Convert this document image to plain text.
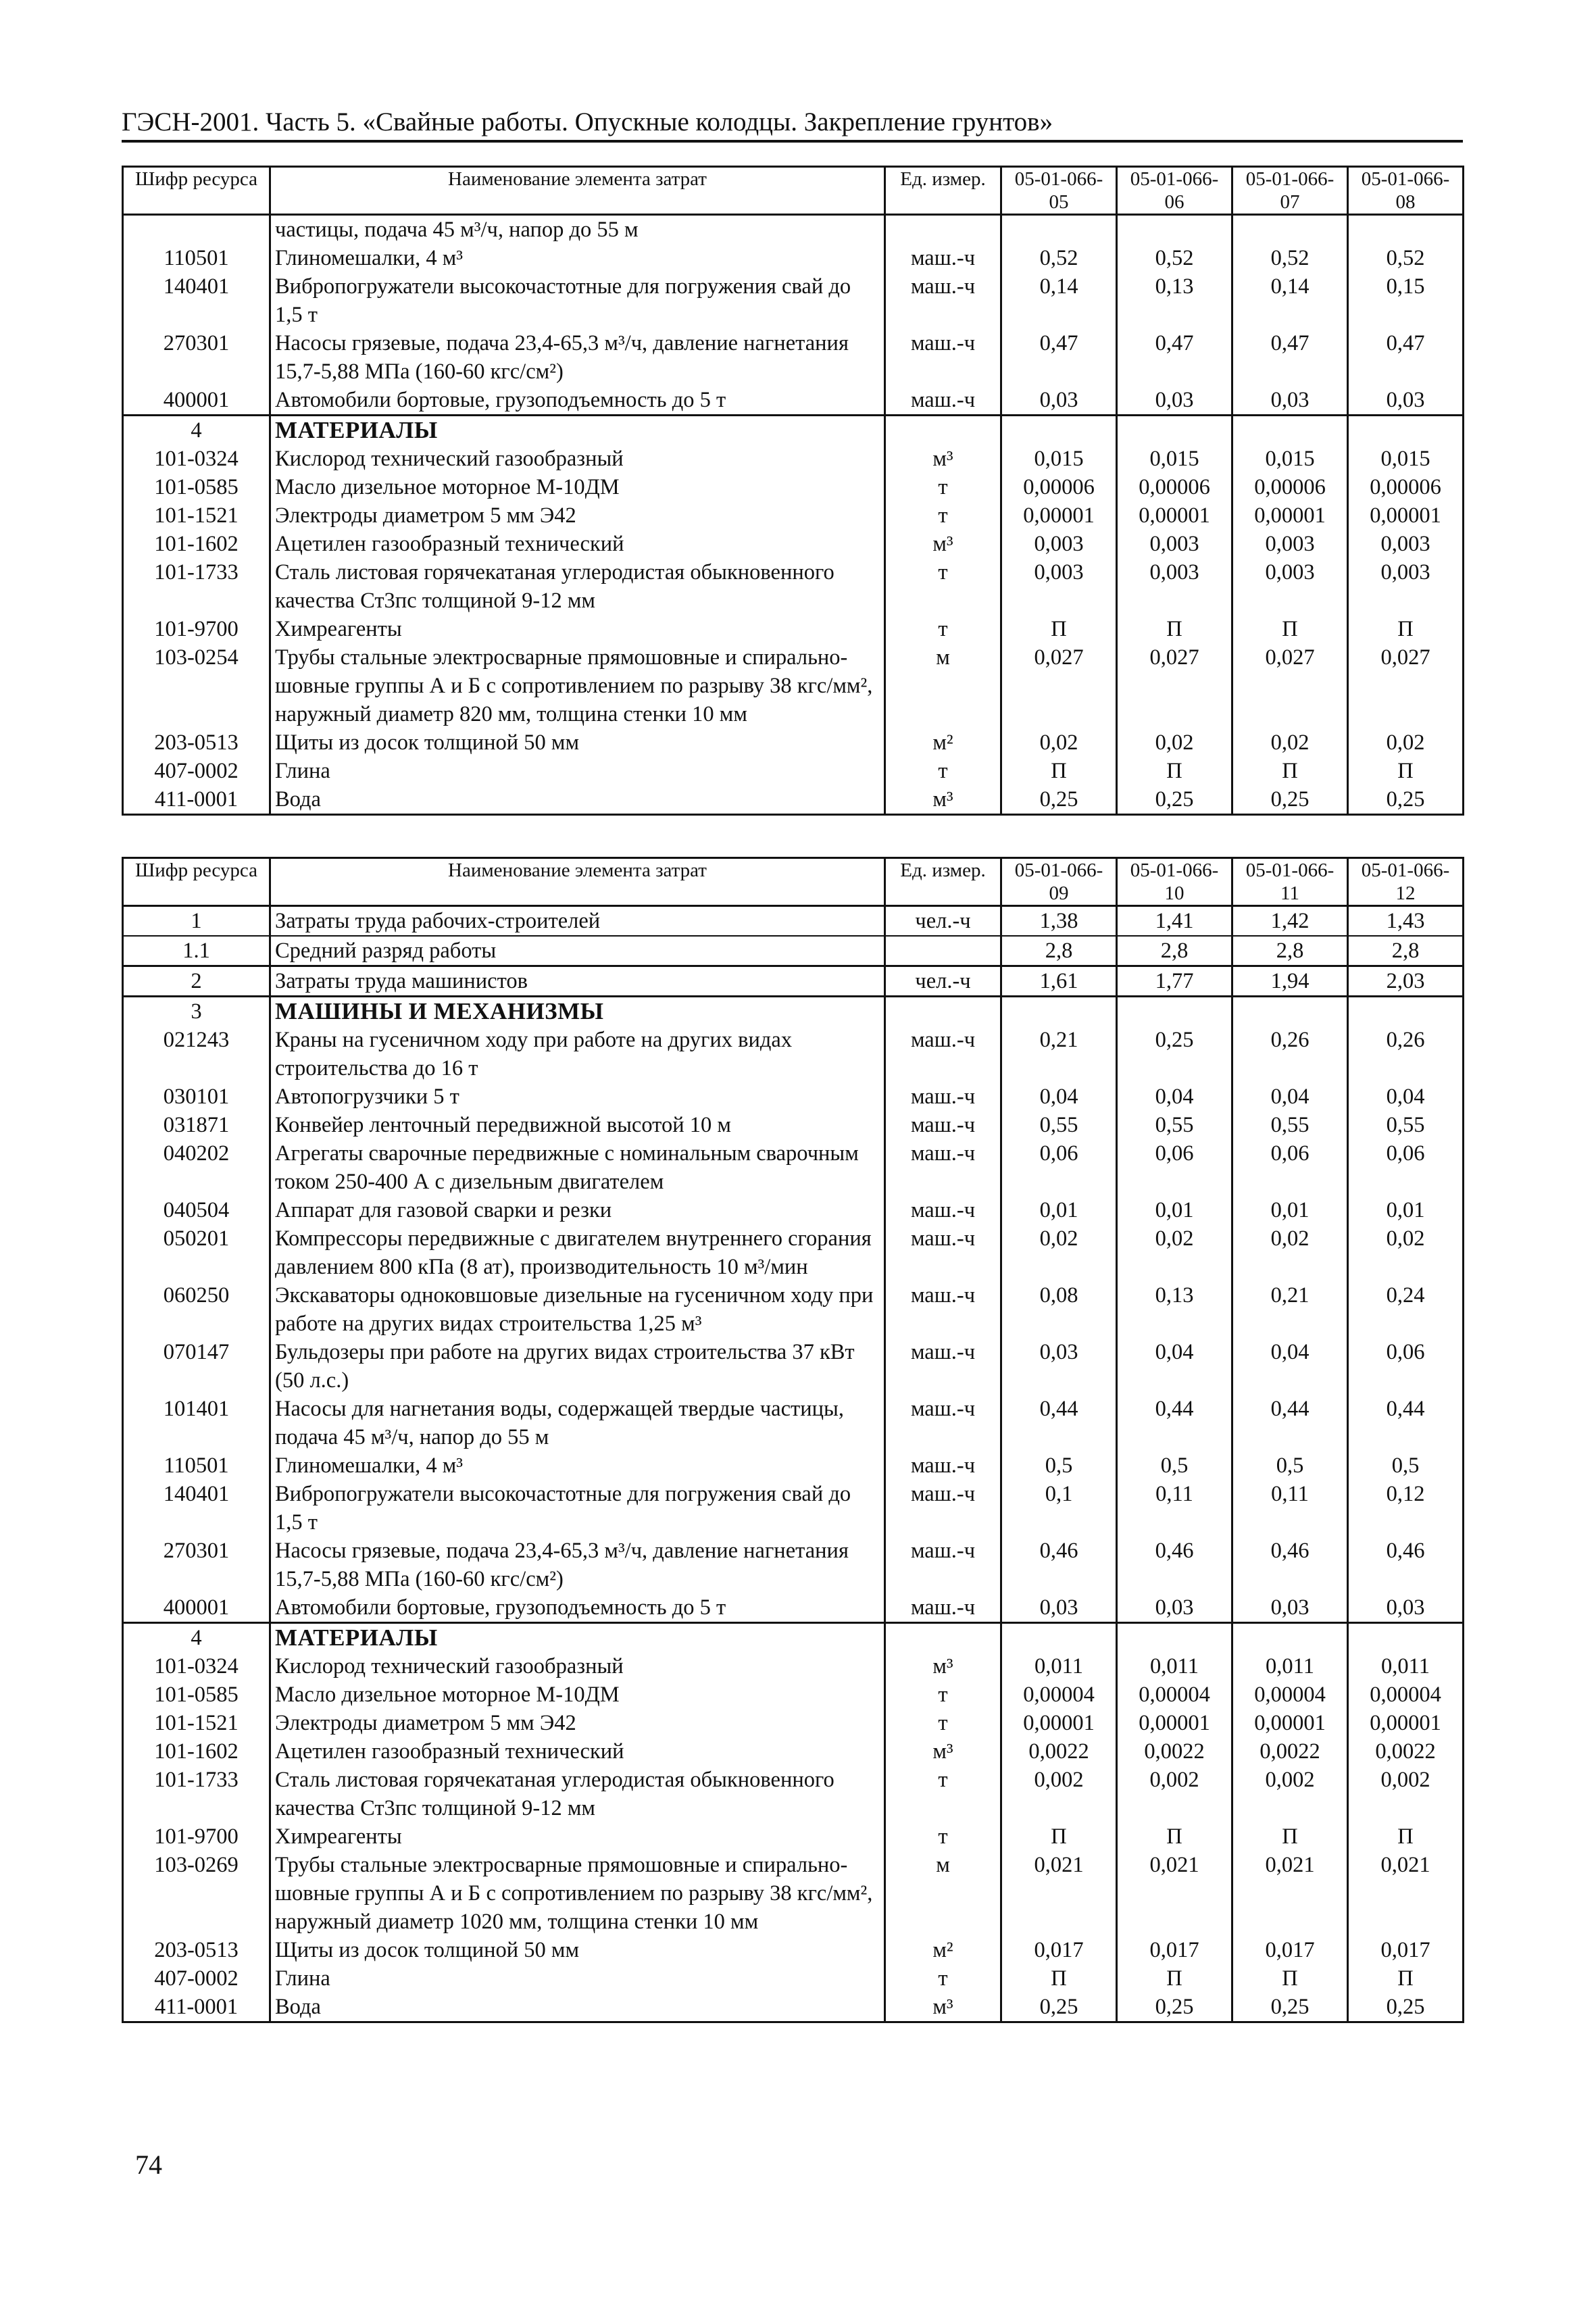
ГЭСН-2001. Часть 5. «Свайные работы. Опускные колодцы. Закрепление грунтов»
Шифр ресурса	Наименование элемента затрат	Ед. измер.	05-01-066-05	05-01-066-06	05-01-066-07	05-01-066-08
	частицы, подача 45 м³/ч, напор до 55 м					
110501	Глиномешалки, 4 м³	маш.-ч	0,52	0,52	0,52	0,52
140401	Вибропогружатели высокочастотные для погружения свай до 1,5 т	маш.-ч	0,14	0,13	0,14	0,15
270301	Насосы грязевые, подача 23,4-65,3 м³/ч, давление нагнетания 15,7-5,88 МПа (160-60 кгс/см²)	маш.-ч	0,47	0,47	0,47	0,47
400001	Автомобили бортовые, грузоподъемность до 5 т	маш.-ч	0,03	0,03	0,03	0,03
4	МАТЕРИАЛЫ					
101-0324	Кислород технический газообразный	м³	0,015	0,015	0,015	0,015
101-0585	Масло дизельное моторное М-10ДМ	т	0,00006	0,00006	0,00006	0,00006
101-1521	Электроды диаметром 5 мм Э42	т	0,00001	0,00001	0,00001	0,00001
101-1602	Ацетилен газообразный технический	м³	0,003	0,003	0,003	0,003
101-1733	Сталь листовая горячекатаная углеродистая обыкновенного качества Ст3пс толщиной 9-12 мм	т	0,003	0,003	0,003	0,003
101-9700	Химреагенты	т	П	П	П	П
103-0254	Трубы стальные электросварные прямошовные и спирально-шовные группы А и Б с сопротивлением по разрыву 38 кгс/мм², наружный диаметр 820 мм, толщина стенки 10 мм	м	0,027	0,027	0,027	0,027
203-0513	Щиты из досок толщиной 50 мм	м²	0,02	0,02	0,02	0,02
407-0002	Глина	т	П	П	П	П
411-0001	Вода	м³	0,25	0,25	0,25	0,25
Шифр ресурса	Наименование элемента затрат	Ед. измер.	05-01-066-09	05-01-066-10	05-01-066-11	05-01-066-12
1	Затраты труда рабочих-строителей	чел.-ч	1,38	1,41	1,42	1,43
1.1	Средний разряд работы		2,8	2,8	2,8	2,8
2	Затраты труда машинистов	чел.-ч	1,61	1,77	1,94	2,03
3	МАШИНЫ И МЕХАНИЗМЫ					
021243	Краны на гусеничном ходу при работе на других видах строительства до 16 т	маш.-ч	0,21	0,25	0,26	0,26
030101	Автопогрузчики 5 т	маш.-ч	0,04	0,04	0,04	0,04
031871	Конвейер ленточный передвижной высотой 10 м	маш.-ч	0,55	0,55	0,55	0,55
040202	Агрегаты сварочные передвижные с номинальным сварочным током 250-400 А с дизельным двигателем	маш.-ч	0,06	0,06	0,06	0,06
040504	Аппарат для газовой сварки и резки	маш.-ч	0,01	0,01	0,01	0,01
050201	Компрессоры передвижные с двигателем внутреннего сгорания давлением 800 кПа (8 ат), производительность 10 м³/мин	маш.-ч	0,02	0,02	0,02	0,02
060250	Экскаваторы одноковшовые дизельные на гусеничном ходу при работе на других видах строительства 1,25 м³	маш.-ч	0,08	0,13	0,21	0,24
070147	Бульдозеры при работе на других видах строительства 37 кВт (50 л.с.)	маш.-ч	0,03	0,04	0,04	0,06
101401	Насосы для нагнетания воды, содержащей твердые частицы, подача 45 м³/ч, напор до 55 м	маш.-ч	0,44	0,44	0,44	0,44
110501	Глиномешалки, 4 м³	маш.-ч	0,5	0,5	0,5	0,5
140401	Вибропогружатели высокочастотные для погружения свай до 1,5 т	маш.-ч	0,1	0,11	0,11	0,12
270301	Насосы грязевые, подача 23,4-65,3 м³/ч, давление нагнетания 15,7-5,88 МПа (160-60 кгс/см²)	маш.-ч	0,46	0,46	0,46	0,46
400001	Автомобили бортовые, грузоподъемность до 5 т	маш.-ч	0,03	0,03	0,03	0,03
4	МАТЕРИАЛЫ					
101-0324	Кислород технический газообразный	м³	0,011	0,011	0,011	0,011
101-0585	Масло дизельное моторное М-10ДМ	т	0,00004	0,00004	0,00004	0,00004
101-1521	Электроды диаметром 5 мм Э42	т	0,00001	0,00001	0,00001	0,00001
101-1602	Ацетилен газообразный технический	м³	0,0022	0,0022	0,0022	0,0022
101-1733	Сталь листовая горячекатаная углеродистая обыкновенного качества Ст3пс толщиной 9-12 мм	т	0,002	0,002	0,002	0,002
101-9700	Химреагенты	т	П	П	П	П
103-0269	Трубы стальные электросварные прямошовные и спирально-шовные группы А и Б с сопротивлением по разрыву 38 кгс/мм², наружный диаметр 1020 мм, толщина стенки 10 мм	м	0,021	0,021	0,021	0,021
203-0513	Щиты из досок толщиной 50 мм	м²	0,017	0,017	0,017	0,017
407-0002	Глина	т	П	П	П	П
411-0001	Вода	м³	0,25	0,25	0,25	0,25
74
